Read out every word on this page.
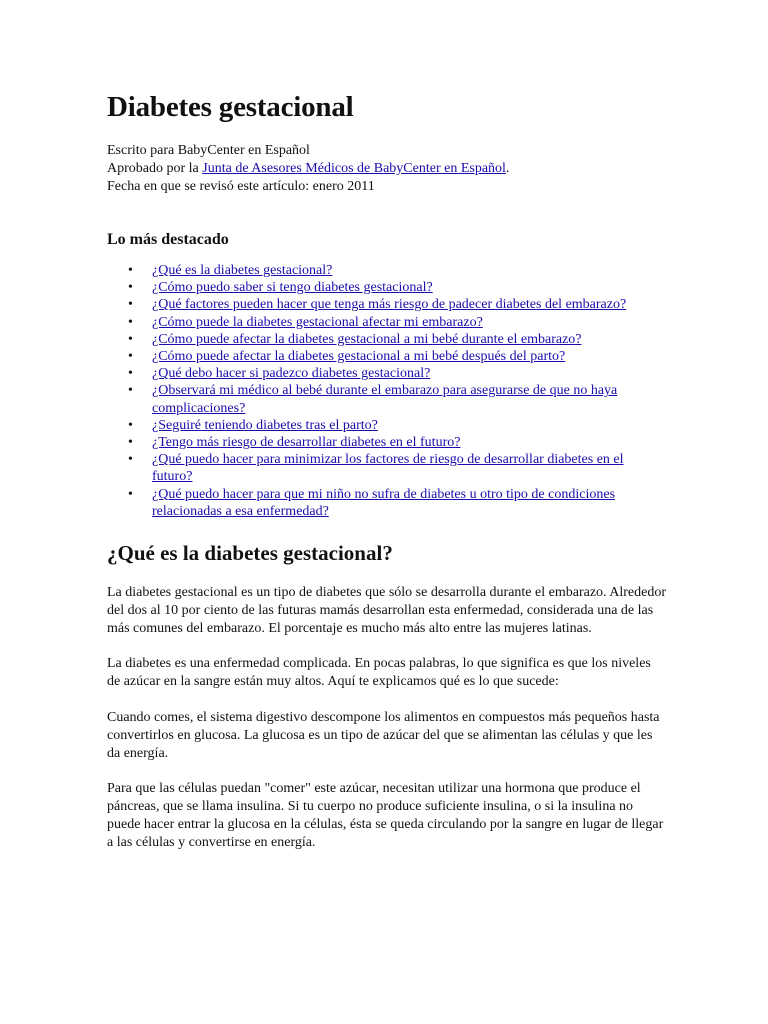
Diabetes gestacional

Escrito para BabyCenter en Español

Aprobado por la Junta de Asesores Médicos de BabyCenter en Español.

Fecha en que se revisó este artículo: enero 2011

Lo más destacado
• ¿Qué es la diabetes gestacional?
• ¿Cómo puedo saber si tengo diabetes gestacional?
• ¿Qué factores pueden hacer que tenga más riesgo de padecer diabetes del embarazo?
• ¿Cómo puede la diabetes gestacional afectar mi embarazo?
• ¿Cómo puede afectar la diabetes gestacional a mi bebé durante el embarazo?
• ¿Cómo puede afectar la diabetes gestacional a mi bebé después del parto?
• ¿Qué debo hacer si padezco diabetes gestacional?
• ¿Observará mi médico al bebé durante el embarazo para asegurarse de que no haya complicaciones?
• ¿Seguiré teniendo diabetes tras el parto?
• ¿Tengo más riesgo de desarrollar diabetes en el futuro?
• ¿Qué puedo hacer para minimizar los factores de riesgo de desarrollar diabetes en el futuro?
• ¿Qué puedo hacer para que mi niño no sufra de diabetes u otro tipo de condiciones relacionadas a esa enfermedad?
¿Qué es la diabetes gestacional?

La diabetes gestacional es un tipo de diabetes que sólo se desarrolla durante el embarazo. Alrededor del dos al 10 por ciento de las futuras mamás desarrollan esta enfermedad, considerada una de las más comunes del embarazo. El porcentaje es mucho más alto entre las mujeres latinas.

La diabetes es una enfermedad complicada. En pocas palabras, lo que significa es que los niveles de azúcar en la sangre están muy altos. Aquí te explicamos qué es lo que sucede:

Cuando comes, el sistema digestivo descompone los alimentos en compuestos más pequeños hasta convertirlos en glucosa. La glucosa es un tipo de azúcar del que se alimentan las células y que les da energía.

Para que las células puedan "comer" este azúcar, necesitan utilizar una hormona que produce el páncreas, que se llama insulina. Si tu cuerpo no produce suficiente insulina, o si la insulina no puede hacer entrar la glucosa en la células, ésta se queda circulando por la sangre en lugar de llegar a las células y convertirse en energía.
